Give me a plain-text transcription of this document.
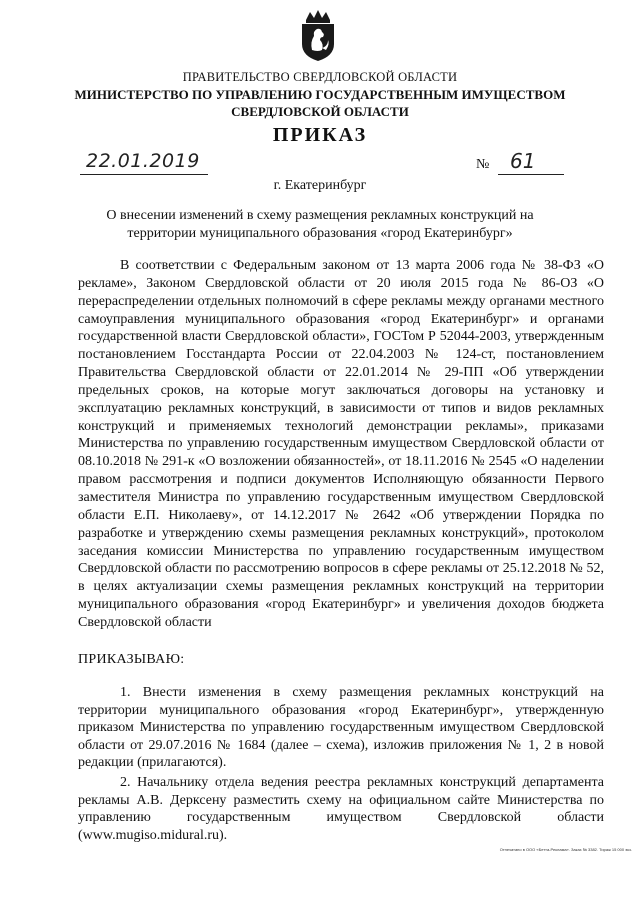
ПРАВИТЕЛЬСТВО СВЕРДЛОВСКОЙ ОБЛАСТИ
МИНИСТЕРСТВО ПО УПРАВЛЕНИЮ ГОСУДАРСТВЕННЫМ ИМУЩЕСТВОМ СВЕРДЛОВСКОЙ ОБЛАСТИ
ПРИКАЗ
22.01.2019	№ 61
г. Екатеринбург
О внесении изменений в схему размещения рекламных конструкций на территории муниципального образования «город Екатеринбург»

В соответствии с Федеральным законом от 13 марта 2006 года № 38-ФЗ «О рекламе», Законом Свердловской области от 20 июля 2015 года № 86-ОЗ «О перераспределении отдельных полномочий в сфере рекламы между органами местного самоуправления муниципального образования «город Екатеринбург» и органами государственной власти Свердловской области», ГОСТом Р 52044-2003, утвержденным постановлением Госстандарта России от 22.04.2003 № 124-ст, постановлением Правительства Свердловской области от 22.01.2014 № 29-ПП «Об утверждении предельных сроков, на которые могут заключаться договоры на установку и эксплуатацию рекламных конструкций, в зависимости от типов и видов рекламных конструкций и применяемых технологий демонстрации рекламы», приказами Министерства по управлению государственным имуществом Свердловской области от 08.10.2018 № 291-к «О возложении обязанностей», от 18.11.2016 № 2545 «О наделении правом рассмотрения и подписи документов Исполняющую обязанности Первого заместителя Министра по управлению государственным имуществом Свердловской области Е.П. Николаеву», от 14.12.2017 № 2642 «Об утверждении Порядка по разработке и утверждению схемы размещения рекламных конструкций», протоколом заседания комиссии Министерства по управлению государственным имуществом Свердловской области по рассмотрению вопросов в сфере рекламы от 25.12.2018 № 52, в целях актуализации схемы размещения рекламных конструкций на территории муниципального образования «город Екатеринбург» и увеличения доходов бюджета Свердловской области

ПРИКАЗЫВАЮ:

1. Внести изменения в схему размещения рекламных конструкций на территории муниципального образования «город Екатеринбург», утвержденную приказом Министерства по управлению государственным имуществом Свердловской области от 29.07.2016 № 1684 (далее – схема), изложив приложения № 1, 2 в новой редакции (прилагаются).

2. Начальнику отдела ведения реестра рекламных конструкций департамента рекламы А.В. Дерксену разместить схему на официальном сайте Министерства по управлению государственным имуществом Свердловской области (www.mugiso.midural.ru).

Отпечатано в ООО «Бетта-Реклама». Заказ № 3382. Тираж 15 000 экз.
